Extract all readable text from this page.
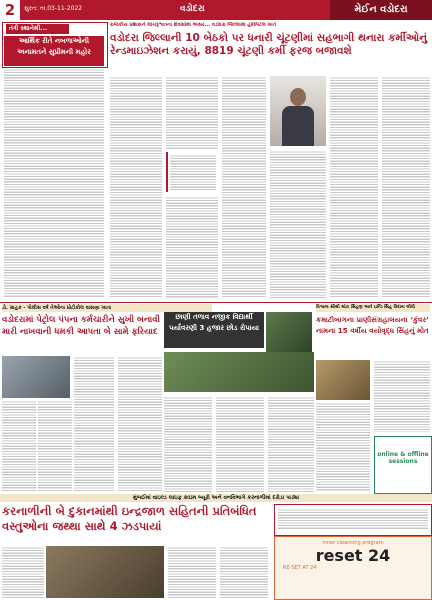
2	સુરત: તા.03-11-2022	વડોદરા	મેઈન વડોદરા
રાજકીય પ્રશાસને લાંચરૂશ્વતના દિવસોમાં અસર... વડોદરા જિલ્લામાં હોસ્પિટલ ખાતે
તંત્રી સ્થાનેથી...
આર્થિક રીતે નબળાઓની અનામતને સુપ્રીમની મહોર
વડોદરા જિલ્લાની 10 બેઠકો પર ધનારી ચૂંટણીમાં સહભાગી થનારા કર્મીઓનું રેન્ડમાઇઝેશન કરાયું, 8819 ચૂંટણી કર્મી ફરજ બજાવશે
ડો. ગ્રાહક - પોલીસ વર્ષ તેઓના પ્રોટોકોલ વાસણા ખાતા
વડોદરામાં પેટ્રોલ પંપના કર્મચારીને સુખી બનાવી મારી નાખવાની ધમકી આપતા બે સામે ફરિયાદ
છાણી તળાવ નજીક વિદ્યાર્થી પર્યાવરણી 3 હજાર છોડ રોપાયા
વિશ્વના સૌથી મોટા સિંહણ અને ઇન્ડિ સિંહ વિદાય લીધી
કમાટીબાગના પ્રાણીસંગ્રહાલયના ‘કુંવર’ નામના 15 વર્ષીય વયોવૃદ્ધ સિંહનું મોત
online & offline
sessions
મુંબઈમાં વાઇલ્ડ લાઇફ ક્રાઇમ બ્યૂરો અને વનવિભાગે કરનાળીમાં દરોડા પાડ્યા
કરનાળીની બે દુકાનમાંથી ઇન્દ્રજાળ સહિતની પ્રતિબંધિત વસ્તુઓના જથ્થા સાથે 4 ઝડપાયાં
inner cleansing program
reset 24
RE-SET AT 24
